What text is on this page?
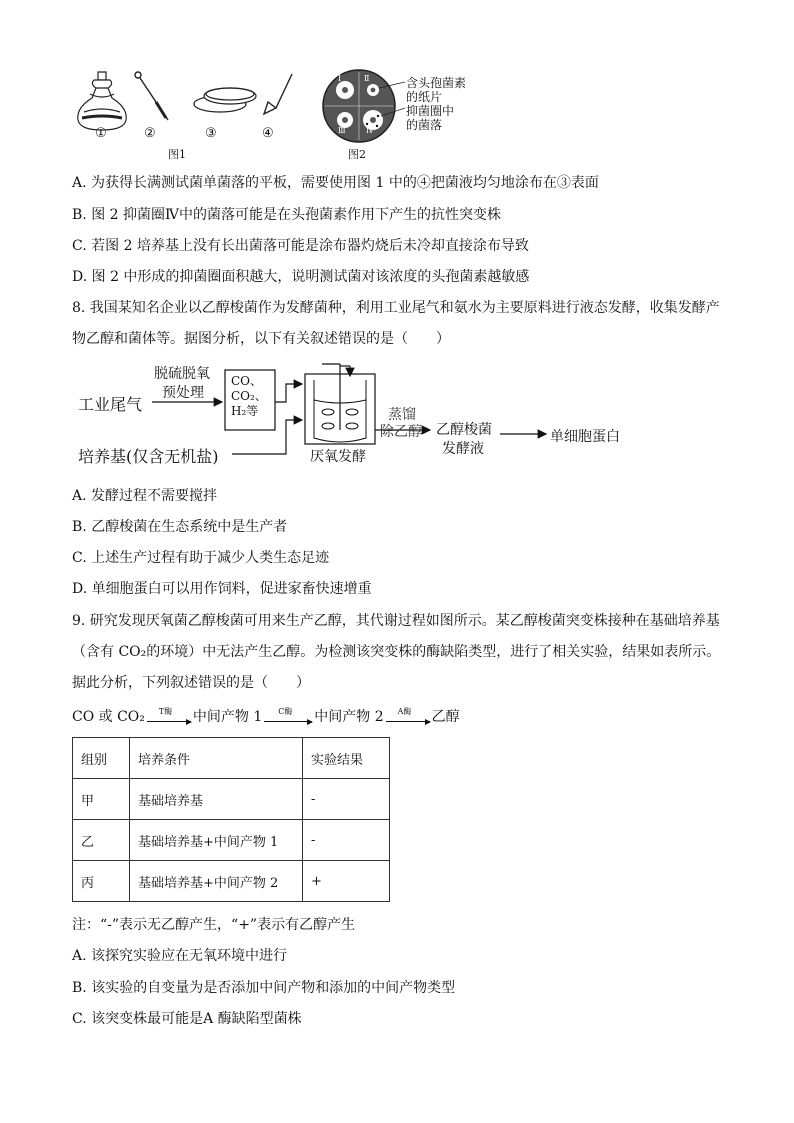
①	②	③	④
图1
Ⅰ	Ⅱ
Ⅲ	Ⅳ
含头孢菌素
的纸片
抑菌圈中
的菌落
图2
A. 为获得长满测试菌单菌落的平板，需要使用图 1 中的④把菌液均匀地涂布在③表面
B. 图 2 抑菌圈Ⅳ中的菌落可能是在头孢菌素作用下产生的抗性突变株
C. 若图 2 培养基上没有长出菌落可能是涂布器灼烧后未冷却直接涂布导致
D. 图 2 中形成的抑菌圈面积越大，说明测试菌对该浓度的头孢菌素越敏感
8. 我国某知名企业以乙醇梭菌作为发酵菌种，利用工业尾气和氨水为主要原料进行液态发酵，收集发酵产
物乙醇和菌体等。据图分析，以下有关叙述错误的是（　　）
工业尾气
脱硫脱氧
预处理
CO、
CO₂、
H₂等
培养基(仅含无机盐)	厌氧发酵
蒸馏
除乙醇 乙醇梭菌
发酵液
单细胞蛋白
A. 发酵过程不需要搅拌
B. 乙醇梭菌在生态系统中是生产者
C. 上述生产过程有助于减少人类生态足迹
D. 单细胞蛋白可以用作饲料，促进家畜快速增重
9. 研究发现厌氧菌乙醇梭菌可用来生产乙醇，其代谢过程如图所示。某乙醇梭菌突变株接种在基础培养基
（含有 CO₂的环境）中无法产生乙醇。为检测该突变株的酶缺陷类型，进行了相关实验，结果如表所示。
据此分析，下列叙述错误的是（　　）
CO 或 CO₂ T酶 中间产物 1 C酶 中间产物 2 A酶 乙醇
组别	培养条件	实验结果
甲	基础培养基	-
乙	基础培养基+中间产物 1	-
丙	基础培养基+中间产物 2	+
注：“-”表示无乙醇产生，“+”表示有乙醇产生
A. 该探究实验应在无氧环境中进行
B. 该实验的自变量为是否添加中间产物和添加的中间产物类型
C. 该突变株最可能是A 酶缺陷型菌株
